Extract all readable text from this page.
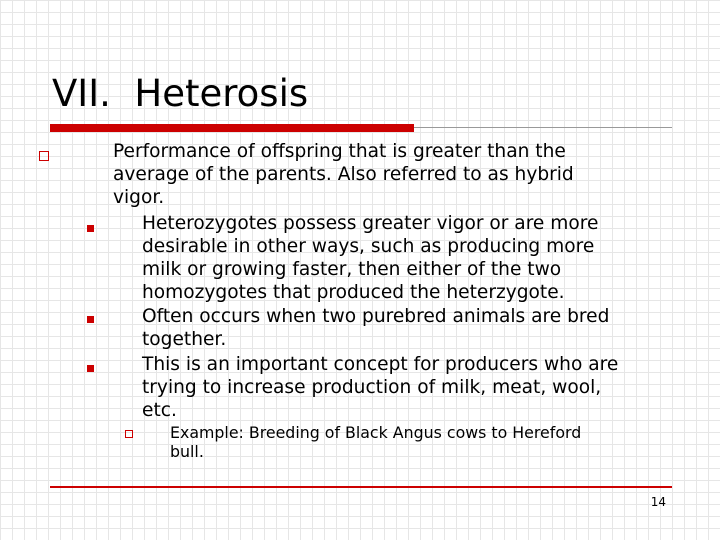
VII.  Heterosis

Performance of offspring that is greater than the

average of the parents. Also referred to as hybrid

vigor.

Heterozygotes possess greater vigor or are more

desirable in other ways, such as producing more

milk or growing faster, then either of the two

homozygotes that produced the heterzygote.

Often occurs when two purebred animals are bred

together.

This is an important concept for producers who are

trying to increase production of milk, meat, wool,

etc.

Example: Breeding of Black Angus cows to Hereford

bull.

14
